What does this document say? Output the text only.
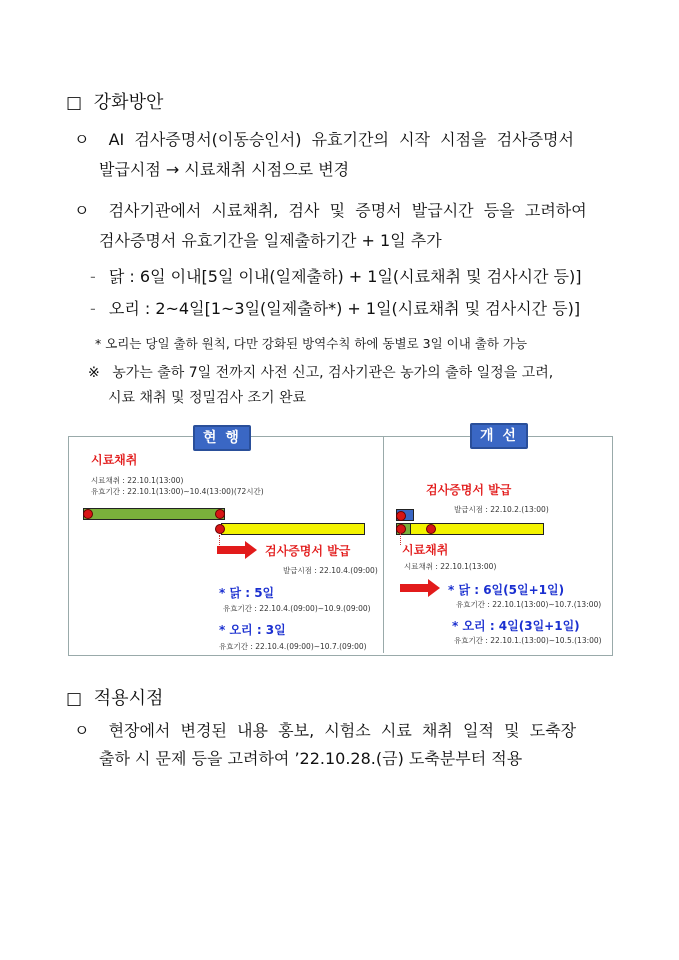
□ 강화방안
ㅇ AI  검사증명서(이동승인서)  유효기간의  시작  시점을  검사증명서
발급시점 → 시료채취 시점으로 변경
ㅇ 검사기관에서  시료채취,  검사  및  증명서  발급시간  등을  고려하여
검사증명서 유효기간을 일제출하기간 + 1일 추가
- 닭 : 6일 이내[5일 이내(일제출하) + 1일(시료채취 및 검사시간 등)]
- 오리 : 2~4일[1~3일(일제출하*) + 1일(시료채취 및 검사시간 등)]
* 오리는 당일 출하 원칙, 다만 강화된 방역수칙 하에 동별로 3일 이내 출하 가능
※ 농가는 출하 7일 전까지 사전 신고, 검사기관은 농가의 출하 일정을 고려,
시료 채취 및 정밀검사 조기 완료
현 행
시료채취
시료채취 : 22.10.1(13:00)
유효기간 : 22.10.1(13:00)~10.4(13:00)(72시간)
검사증명서 발급
발급시점 : 22.10.4.(09:00)
* 닭 : 5일
유효기간 : 22.10.4.(09:00)~10.9.(09:00)
* 오리 : 3일
유효기간 : 22.10.4.(09:00)~10.7.(09:00)
개 선
검사증명서 발급
발급시점 : 22.10.2.(13:00)
시료채취
시료채취 : 22.10.1(13:00)
* 닭 : 6일(5일+1일)
유효기간 : 22.10.1(13:00)~10.7.(13:00)
* 오리 : 4일(3일+1일)
유효기간 : 22.10.1.(13:00)~10.5.(13:00)
□ 적용시점
ㅇ 현장에서  변경된  내용  홍보,  시험소  시료  채취  일적  및  도축장
출하 시 문제 등을 고려하여 ’22.10.28.(금) 도축분부터 적용
